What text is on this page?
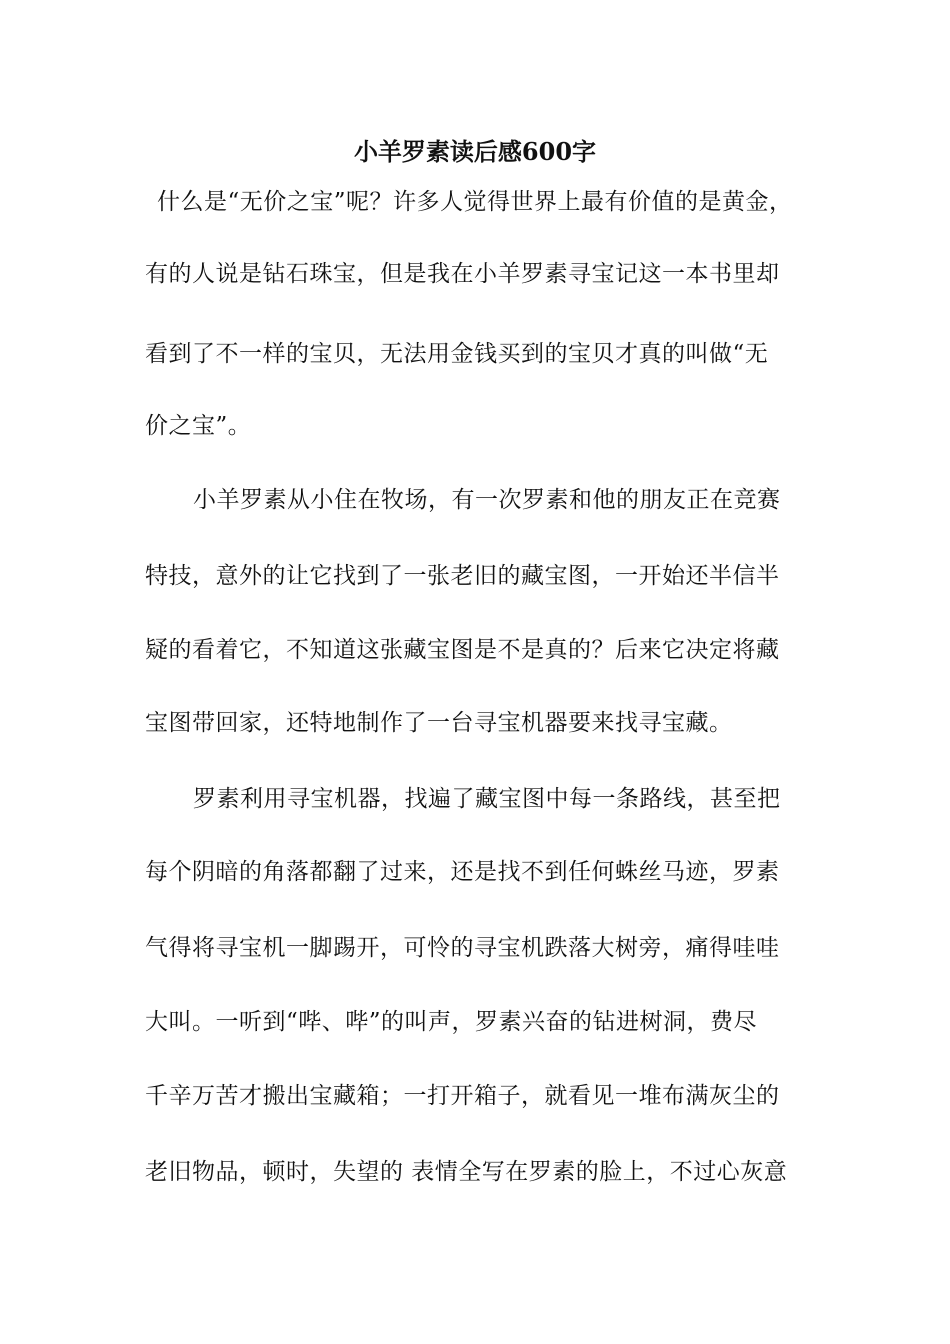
小羊罗素读后感600字
什么是“无价之宝”呢？许多人觉得世界上最有价值的是黄金，
有的人说是钻石珠宝，但是我在小羊罗素寻宝记这一本书里却
看到了不一样的宝贝，无法用金钱买到的宝贝才真的叫做“无
价之宝”。
小羊罗素从小住在牧场，有一次罗素和他的朋友正在竞赛
特技，意外的让它找到了一张老旧的藏宝图，一开始还半信半
疑的看着它，不知道这张藏宝图是不是真的？后来它决定将藏
宝图带回家，还特地制作了一台寻宝机器要来找寻宝藏。
罗素利用寻宝机器，找遍了藏宝图中每一条路线，甚至把
每个阴暗的角落都翻了过来，还是找不到任何蛛丝马迹，罗素
气得将寻宝机一脚踢开，可怜的寻宝机跌落大树旁，痛得哇哇
大叫。一听到“哔、哔”的叫声，罗素兴奋的钻进树洞，费尽
千辛万苦才搬出宝藏箱；一打开箱子，就看见一堆布满灰尘的
老旧物品，顿时，失望的 表情全写在罗素的脸上，不过心灰意
